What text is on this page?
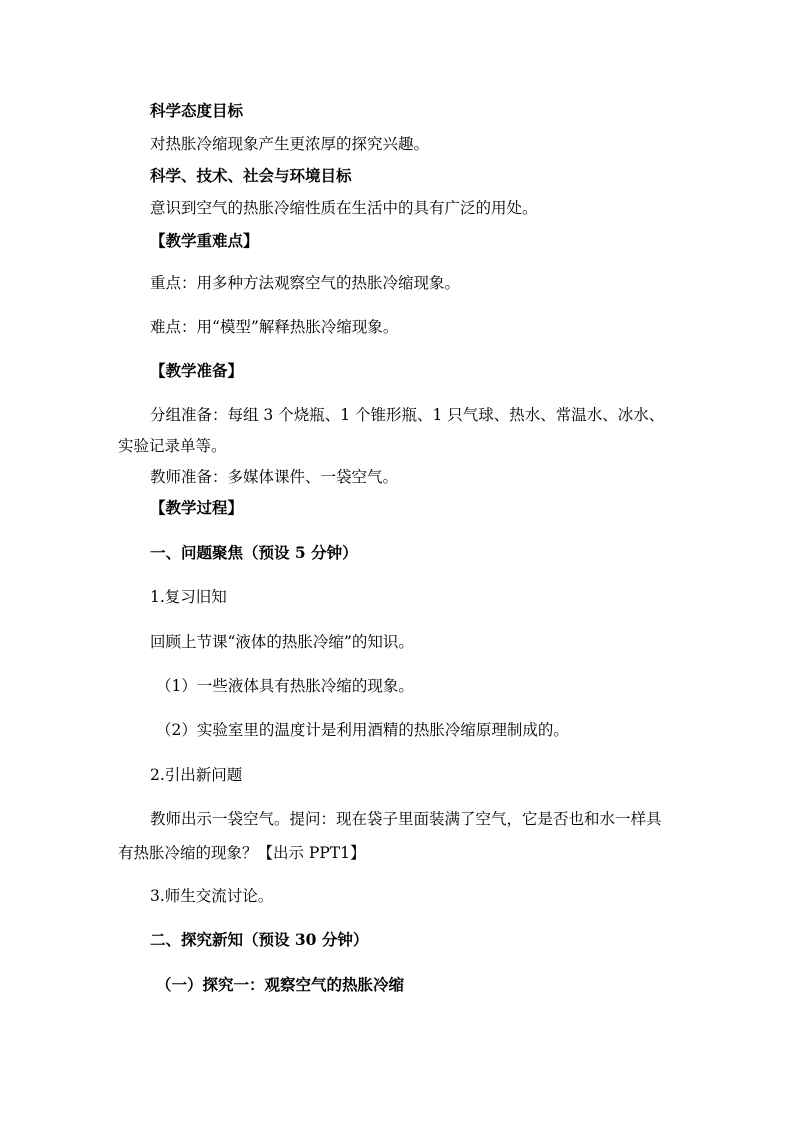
科学态度目标
对热胀冷缩现象产生更浓厚的探究兴趣。
科学、技术、社会与环境目标
意识到空气的热胀冷缩性质在生活中的具有广泛的用处。
【教学重难点】
重点：用多种方法观察空气的热胀冷缩现象。
难点：用“模型”解释热胀冷缩现象。
【教学准备】
分组准备：每组 3 个烧瓶、1 个锥形瓶、1 只气球、热水、常温水、冰水、
实验记录单等。
教师准备：多媒体课件、一袋空气。
【教学过程】
一、问题聚焦（预设 5 分钟）
1.复习旧知
回顾上节课“液体的热胀冷缩”的知识。
（1）一些液体具有热胀冷缩的现象。
（2）实验室里的温度计是利用酒精的热胀冷缩原理制成的。
2.引出新问题
教师出示一袋空气。提问：现在袋子里面装满了空气，它是否也和水一样具
有热胀冷缩的现象？【出示 PPT1】
3.师生交流讨论。
二、探究新知（预设 30 分钟）
（一）探究一：观察空气的热胀冷缩
